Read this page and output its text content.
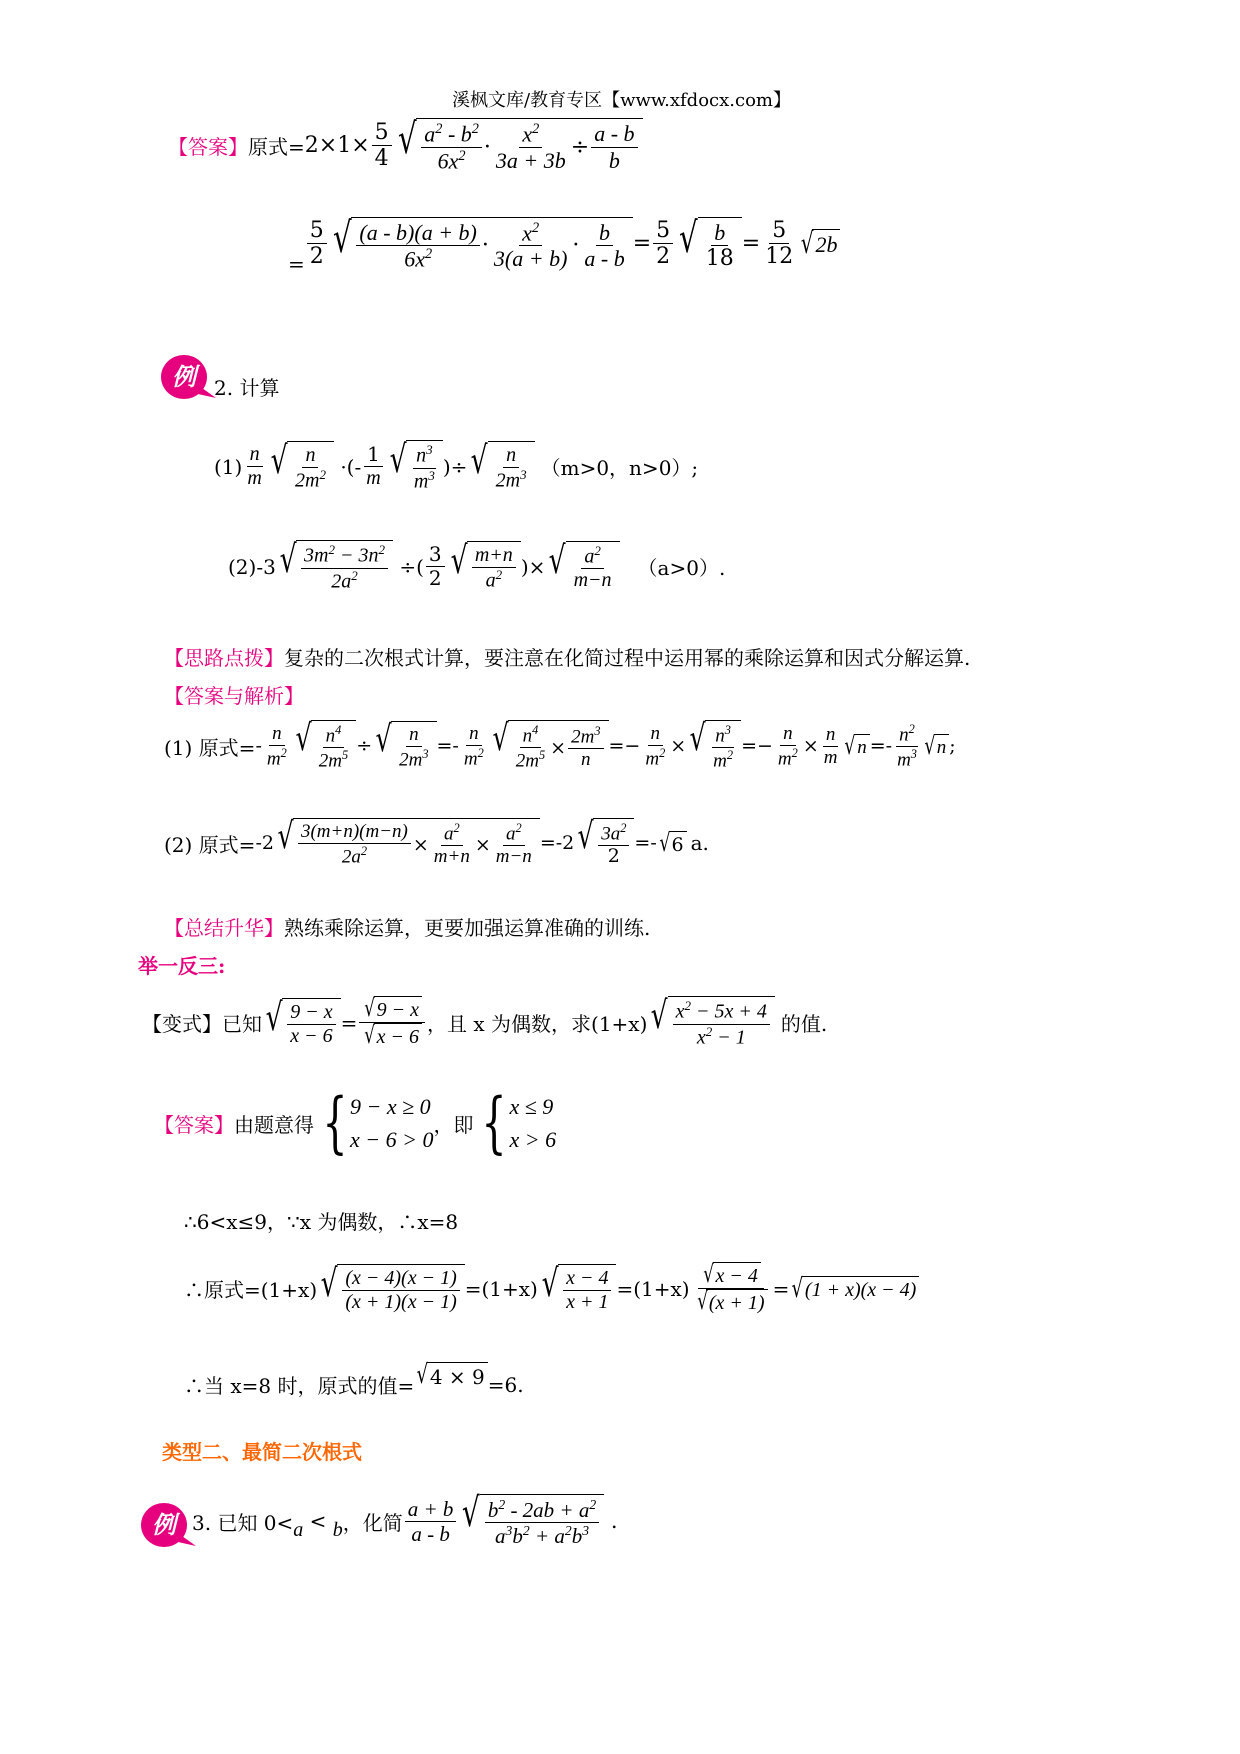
溪枫文库/教育专区【www.xfdocx.com】
【答案】 原式= $2\times 1\times \frac{5}{4}$ √ $\frac{a^2 - b^2}{6x^2} \cdot \frac{x^2}{3a + 3b} \div \frac{a - b}{b}$
= $\frac{5}{2}$ √ $\frac{(a - b)(a + b)}{6x^2} \cdot \frac{x^2}{3(a + b)} \cdot \frac{b}{a - b} = \frac{5}{2}$ √ $\frac{b}{18} = \frac{5}{12}$ √ 2b
例 2. 计算
$(1) \frac{n}{m}$ √ $\frac{n}{2m^2}$ ·(- $\frac{1}{m}$ √ $\frac{n^3}{m^3}$ )÷ √ $\frac{n}{2m^3} (m>0$，n>0）;
(2)-3 √ $\frac{3m^2 - 3n^2}{2a^2}$ ÷( $\frac{3}{2}$ √ $\frac{m+n}{a^2}$ )× √ $\frac{a^2}{m-n} (a>0)$.
【思路点拨】复杂的二次根式计算，要注意在化简过程中运用幂的乘除运算和因式分解运算.
【答案与解析】
(1) 原式= - $\frac{n}{m^2}$ √ $\frac{n^4}{2m^5}$ ÷ √ $\frac{n}{2m^3} =- \frac{n}{m^2}$ √ $\frac{n^4}{2m^5} \times \frac{2m^3}{n} =- \frac{n}{m^2}$ × √ $\frac{n^3}{m^2} =- \frac{n}{m^2} \times \frac{n}{m}$ √ $n =- \frac{n^2}{m^3}$ √ n ;
(2) 原式= -2 √ $\frac{3(m+n)(m-n)}{2a^2} \times \frac{a^2}{m+n} \times \frac{a^2}{m-n} =-2$ √ $\frac{3a^2}{2}$ =- √ 6 a.
【总结升华】熟练乘除运算，更要加强运算准确的训练.
举一反三:
【变式】 已知 √ $\frac{9 - x}{x - 6} = \frac{√ 9 - x}{√ x - 6}$ ，且 x 为偶数，求(1+x) √ $\frac{x^2 - 5x + 4}{x^2 - 1}$ 的值.
【答案】 由题意得 { 9 − x ≥ 0
x − 6 > 0
，即 { x ≤ 9
x > 6
∴6<x≤9，∵x 为偶数，∴x=8
∴原式=(1+x) √ $\frac{(x - 4)(x - 1)}{(x + 1)(x - 1)} =(1+x)$ √ $\frac{x - 4}{x + 1} =(1+x) \frac{√ x - 4}{√ (x + 1)}$ = √ (1 + x)(x − 4)
∴当 x=8 时，原式的值= √ 4 × 9 =6.
类型二、最简二次根式
例 3. 已知 0< a < b ，化简 $\frac{a + b}{a - b}$ √ $\frac{b^2 - 2ab + a^2}{a^3b^2 + a^2b^3}$ .
